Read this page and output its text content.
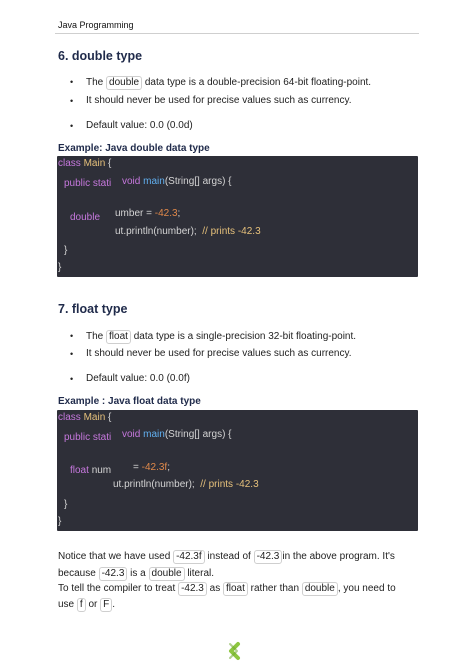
Java Programming
6. double type
• The double data type is a double-precision 64-bit floating-point.
• It should never be used for precise values such as currency.
• Default value: 0.0 (0.0d)
Example: Java double data type
class Main {
public stati void main(String[] args) {
double umber = -42.3;
ut.println(number); // prints -42.3
}
}
7. float type
• The float data type is a single-precision 32-bit floating-point.
• It should never be used for precise values such as currency.
• Default value: 0.0 (0.0f)
Example : Java float data type
class Main {
public stati void main(String[] args) {
float num = -42.3f;
ut.println(number); // prints -42.3
}
}
Notice that we have used -42.3f instead of -42.3 in the above program. It's
because -42.3 is a double literal.
To tell the compiler to treat -42.3 as float rather than double , you need to
use f or F .
